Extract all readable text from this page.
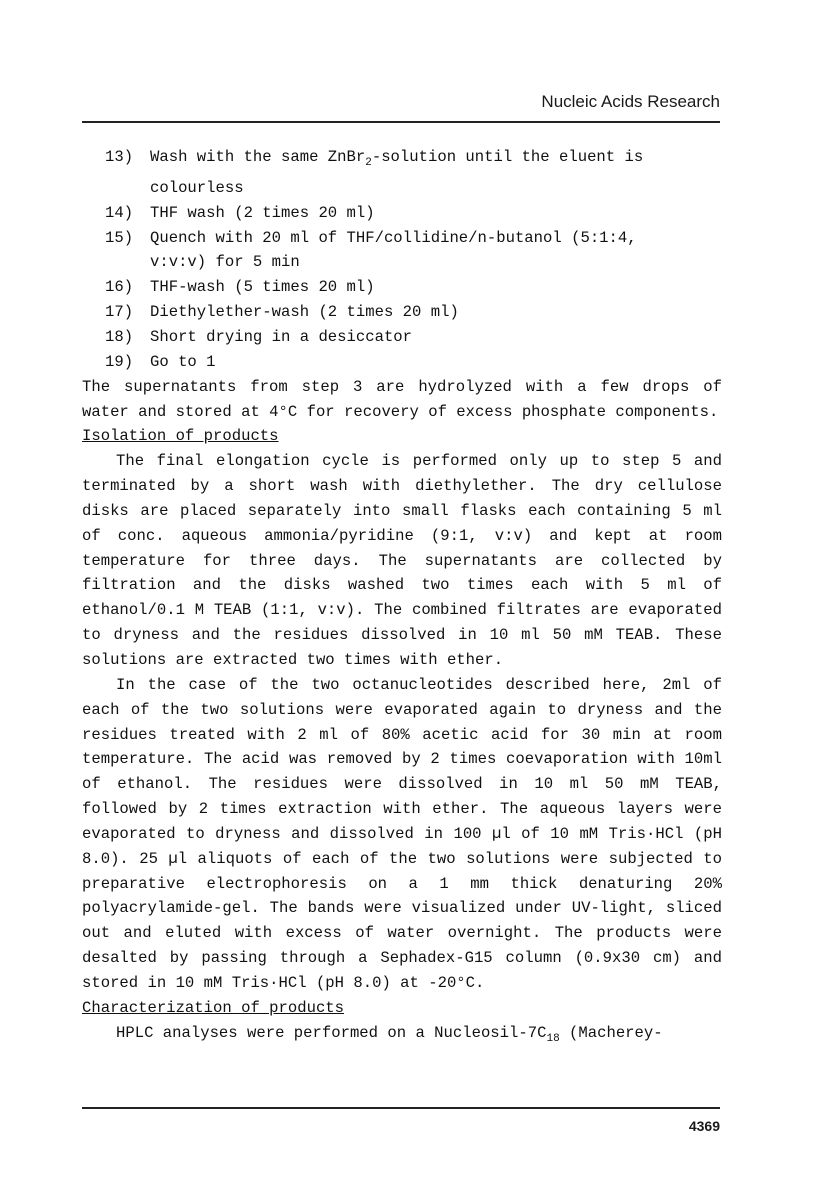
Nucleic Acids Research
13) Wash with the same ZnBr$_2$-solution until the eluent is
colourless
14) THF wash (2 times 20 ml)
15) Quench with 20 ml of THF/collidine/n-butanol (5:1:4,
v:v:v) for 5 min
16) THF-wash (5 times 20 ml)
17) Diethylether-wash (2 times 20 ml)
18) Short drying in a desiccator
19) Go to 1
The supernatants from step 3 are hydrolyzed with a few drops of water and stored at 4°C for recovery of excess phosphate components.
Isolation of products
The final elongation cycle is performed only up to step 5 and terminated by a short wash with diethylether. The dry cellulose disks are placed separately into small flasks each containing 5 ml of conc. aqueous ammonia/pyridine (9:1, v:v) and kept at room temperature for three days. The supernatants are collected by filtration and the disks washed two times each with 5 ml of ethanol/0.1 M TEAB (1:1, v:v). The combined filtrates are evaporated to dryness and the residues dissolved in 10 ml 50 mM TEAB. These solutions are extracted two times with ether.
In the case of the two octanucleotides described here, 2ml of each of the two solutions were evaporated again to dryness and the residues treated with 2 ml of 80% acetic acid for 30 min at room temperature. The acid was removed by 2 times coevaporation with 10ml of ethanol. The residues were dissolved in 10 ml 50 mM TEAB, followed by 2 times extraction with ether. The aqueous layers were evaporated to dryness and dissolved in 100 µl of 10 mM Tris·HCl (pH 8.0). 25 µl aliquots of each of the two solutions were subjected to preparative electrophoresis on a 1 mm thick denaturing 20% polyacrylamide-gel. The bands were visualized under UV-light, sliced out and eluted with excess of water overnight. The products were desalted by passing through a Sephadex-G15 column (0.9x30 cm) and stored in 10 mM Tris·HCl (pH 8.0) at -20°C.
Characterization of products
HPLC analyses were performed on a Nucleosil-$7C_{18}$ (Macherey-
4369
